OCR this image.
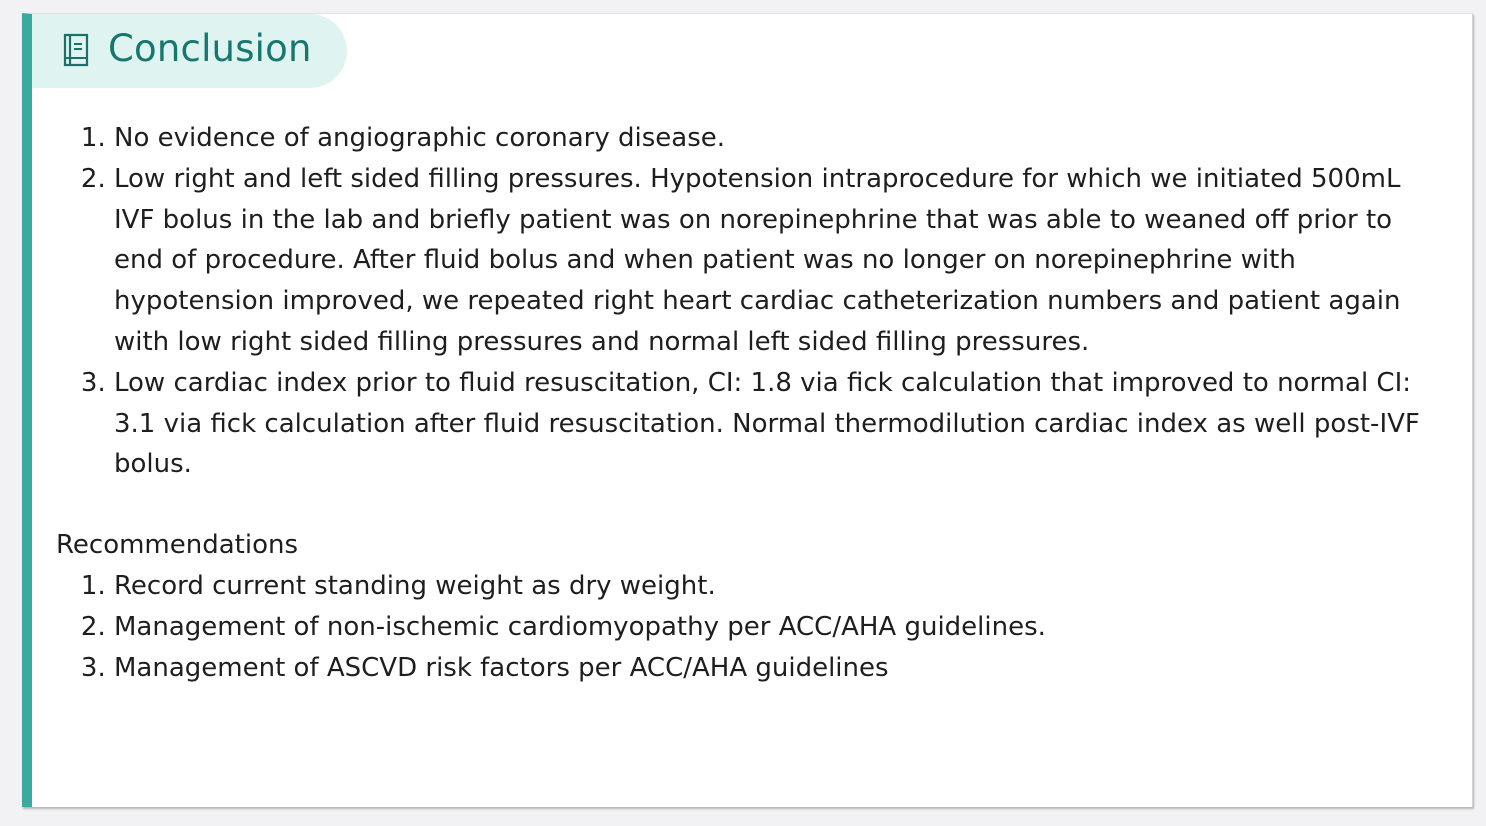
Conclusion
1. No evidence of angiographic coronary disease.
2. Low right and left sided filling pressures. Hypotension intraprocedure for which we initiated 500mL IVF bolus in the lab and briefly patient was on norepinephrine that was able to weaned off prior to end of procedure. After fluid bolus and when patient was no longer on norepinephrine with hypotension improved, we repeated right heart cardiac catheterization numbers and patient again with low right sided filling pressures and normal left sided filling pressures.
3. Low cardiac index prior to fluid resuscitation, CI: 1.8 via fick calculation that improved to normal CI: 3.1 via fick calculation after fluid resuscitation. Normal thermodilution cardiac index as well post-IVF bolus.

Recommendations

1. Record current standing weight as dry weight.
2. Management of non-ischemic cardiomyopathy per ACC/AHA guidelines.
3. Management of ASCVD risk factors per ACC/AHA guidelines
